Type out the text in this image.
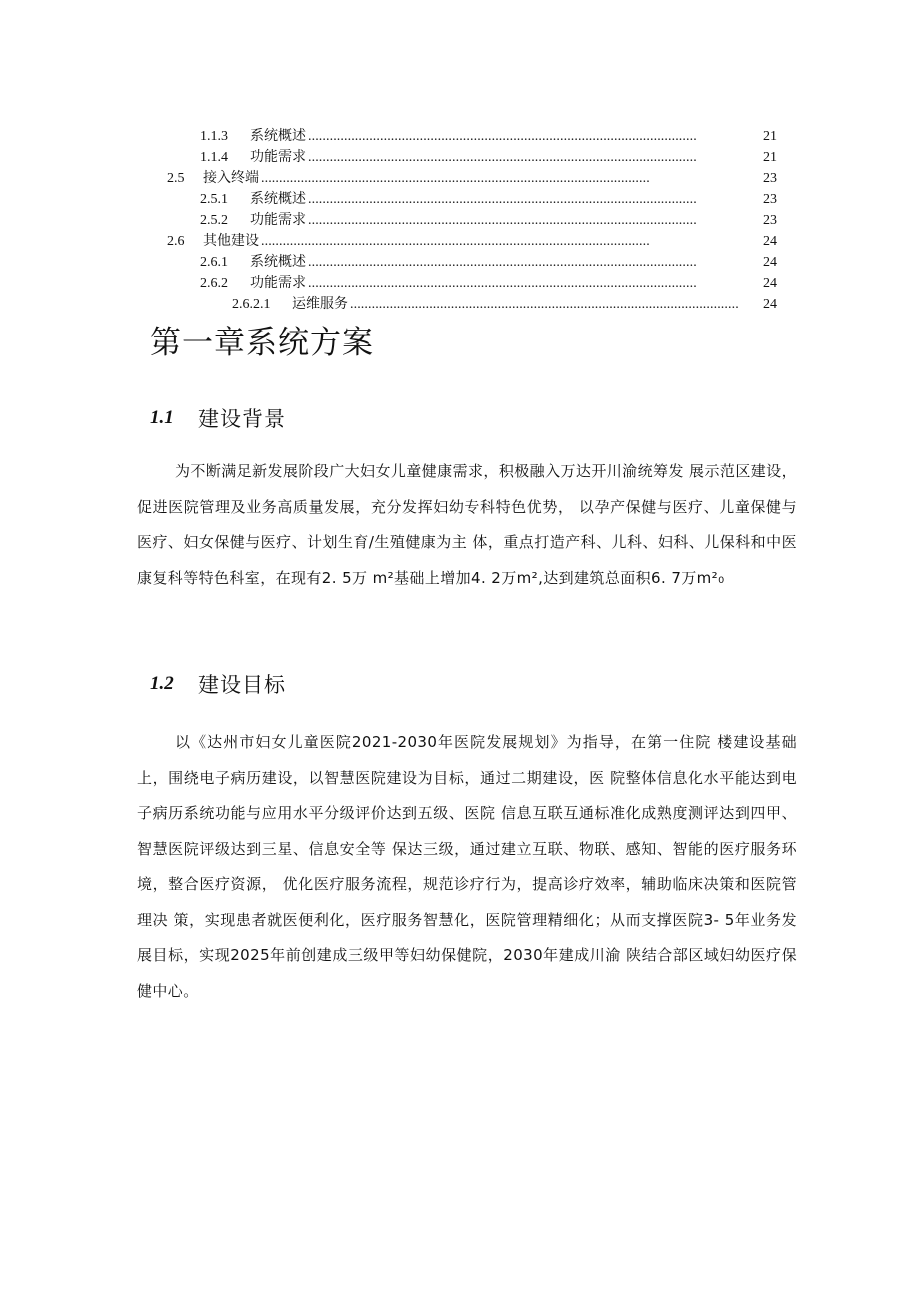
1.1.3	系统概述 . . .	21
1.1.4	功能需求 . . .	21
2.5	接入终端 . . .	23
2.5.1	系统概述 . . .	23
2.5.2	功能需求 . . .	23
2.6	其他建设 . . .	24
2.6.1	系统概述 . . .	24
2.6.2	功能需求 . . .	24
2.6.2.1	运维服务 . . .	24
第一章系统方案
1.1	建设背景

为不断满足新发展阶段广大妇女儿童健康需求，积极融入万达开川渝统筹发 展示范区建设，促进医院管理及业务高质量发展，充分发挥妇幼专科特色优势， 以孕产保健与医疗、儿童保健与医疗、妇女保健与医疗、计划生育/生殖健康为主 体，重点打造产科、儿科、妇科、儿保科和中医康复科等特色科室，在现有2. 5万 m²基础上增加4. 2万m²,达到建筑总面积6. 7万m²₀

1.2	建设目标

以《达州市妇女儿童医院2021-2030年医院发展规划》为指导，在第一住院 楼建设基础上，围绕电子病历建设，以智慧医院建设为目标，通过二期建设，医 院整体信息化水平能达到电子病历系统功能与应用水平分级评价达到五级、医院 信息互联互通标准化成熟度测评达到四甲、智慧医院评级达到三星、信息安全等 保达三级，通过建立互联、物联、感知、智能的医疗服务环境，整合医疗资源， 优化医疗服务流程，规范诊疗行为，提高诊疗效率，辅助临床决策和医院管理决 策，实现患者就医便利化，医疗服务智慧化，医院管理精细化；从而支撑医院3- 5年业务发展目标，实现2025年前创建成三级甲等妇幼保健院，2030年建成川渝 陕结合部区域妇幼医疗保健中心。
